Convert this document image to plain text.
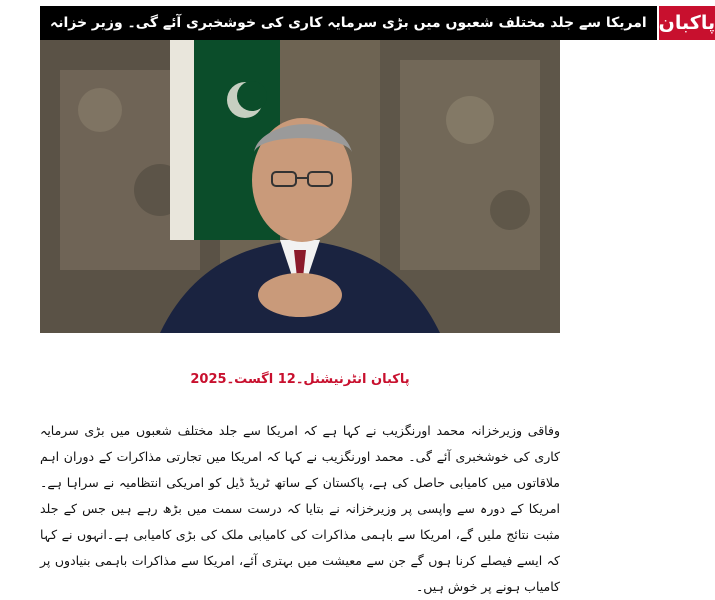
امریکا سے جلد مختلف شعبوں میں بڑی سرمایہ کاری کی خوشخبری آئے گی۔ وزیر خزانہ پاکبان
پاکبان انٹرنیشنل۔12 اگست۔2025
وفاقی وزیرخزانہ محمد اورنگزیب نے کہا ہے کہ امریکا سے جلد مختلف شعبوں میں بڑی سرمایہ کاری کی خوشخبری آئے گی۔ محمد اورنگزیب نے کہا کہ امریکا میں تجارتی مذاکرات کے دوران اہم ملاقاتوں میں کامیابی حاصل کی ہے، پاکستان کے ساتھ ٹریڈ ڈیل کو امریکی انتظامیہ نے سراہا ہے۔امریکا کے دورہ سے واپسی پر وزیرخزانہ نے بتایا کہ درست سمت میں بڑھ رہے ہیں جس کے جلد مثبت نتائج ملیں گے، امریکا سے باہمی مذاکرات کی کامیابی ملک کی بڑی کامیابی ہے۔انہوں نے کہا کہ ایسے فیصلے کرنا ہوں گے جن سے معیشت میں بہتری آئے، امریکا سے مذاکرات باہمی بنیادوں پر کامیاب ہونے پر خوش ہیں۔
